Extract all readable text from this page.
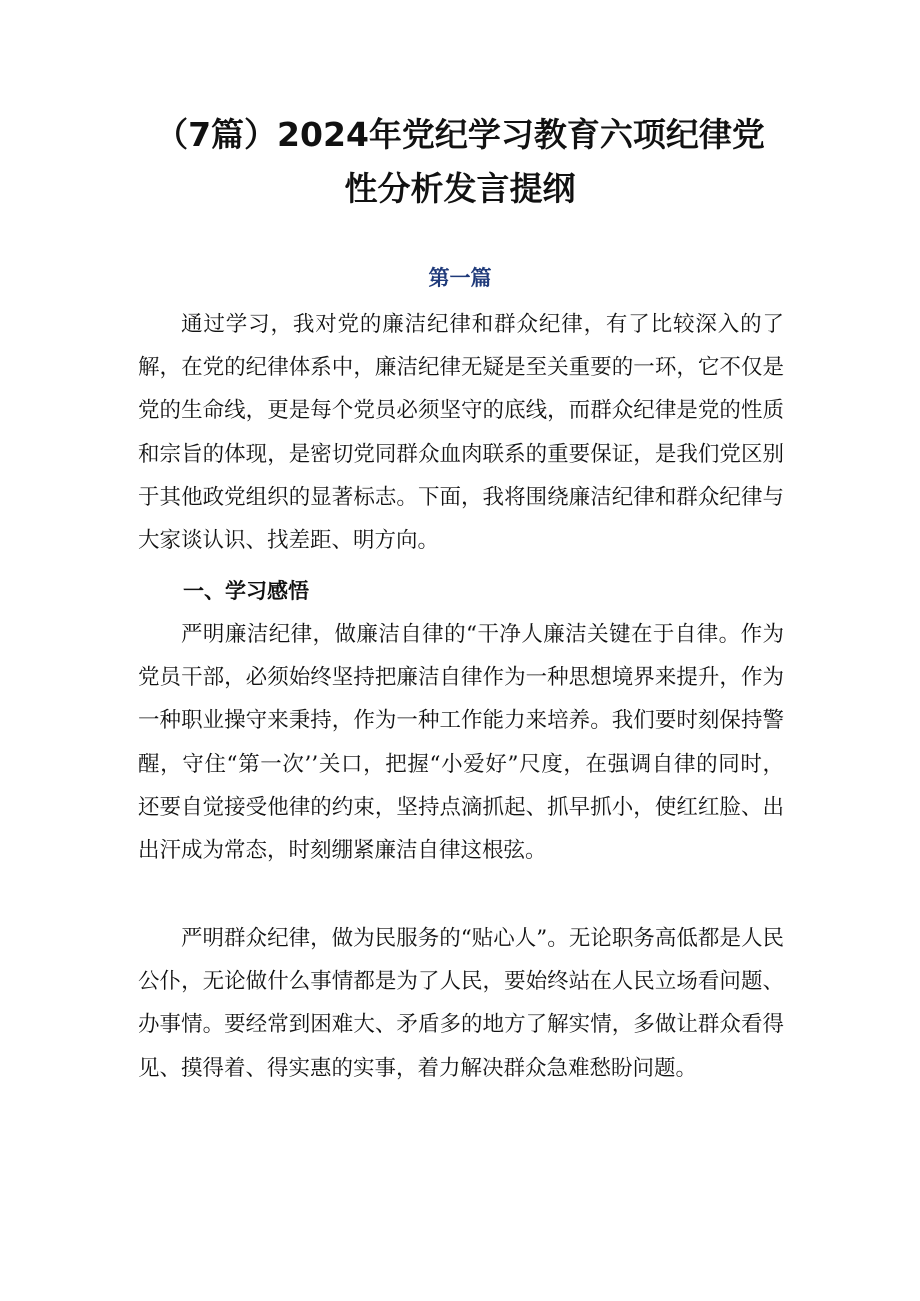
（7篇）2024年党纪学习教育六项纪律党
性分析发言提纲
第一篇

通过学习，我对党的廉洁纪律和群众纪律，有了比较深入的了解，在党的纪律体系中，廉洁纪律无疑是至关重要的一环，它不仅是党的生命线，更是每个党员必须坚守的底线，而群众纪律是党的性质和宗旨的体现，是密切党同群众血肉联系的重要保证，是我们党区别于其他政党组织的显著标志。下面，我将围绕廉洁纪律和群众纪律与大家谈认识、找差距、明方向。

一、学习感悟

严明廉洁纪律，做廉洁自律的“干净人廉洁关键在于自律。作为党员干部，必须始终坚持把廉洁自律作为一种思想境界来提升，作为一种职业操守来秉持，作为一种工作能力来培养。我们要时刻保持警醒，守住“第一次’’关口，把握“小爱好”尺度，在强调自律的同时，还要自觉接受他律的约束，坚持点滴抓起、抓早抓小，使红红脸、出出汗成为常态，时刻绷紧廉洁自律这根弦。

严明群众纪律，做为民服务的“贴心人”。无论职务高低都是人民公仆，无论做什么事情都是为了人民，要始终站在人民立场看问题、办事情。要经常到困难大、矛盾多的地方了解实情，多做让群众看得见、摸得着、得实惠的实事，着力解决群众急难愁盼问题。
